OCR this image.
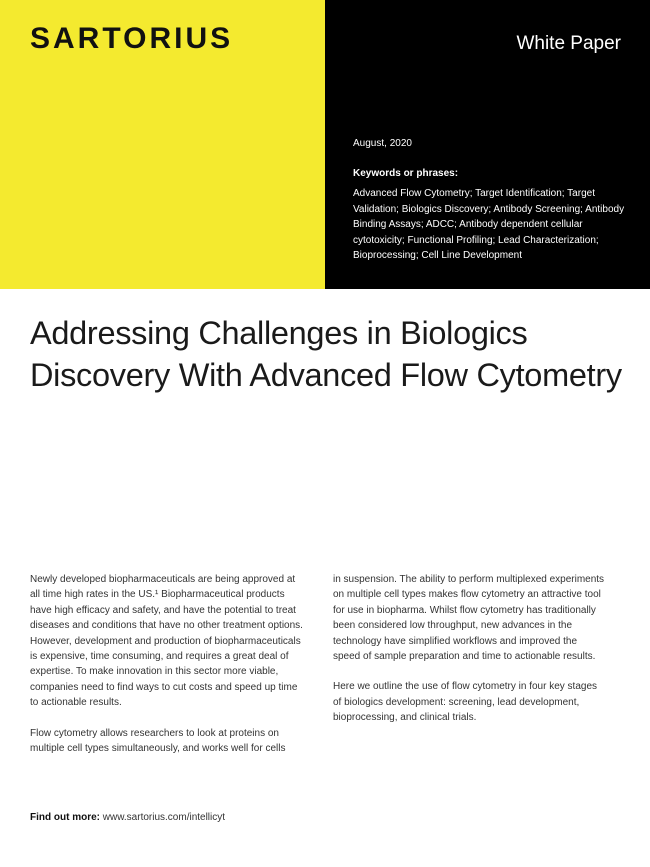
SARTORIUS	White Paper
August, 2020
Keywords or phrases:
Advanced Flow Cytometry; Target Identification; Target Validation; Biologics Discovery; Antibody Screening; Antibody Binding Assays; ADCC; Antibody dependent cellular cytotoxicity; Functional Profiling; Lead Characterization; Bioprocessing; Cell Line Development
Addressing Challenges in Biologics Discovery With Advanced Flow Cytometry

Newly developed biopharmaceuticals are being approved at all time high rates in the US.¹ Biopharmaceutical products have high efficacy and safety, and have the potential to treat diseases and conditions that have no other treatment options. However, development and production of biopharmaceuticals is expensive, time consuming, and requires a great deal of expertise. To make innovation in this sector more viable, companies need to find ways to cut costs and speed up time to actionable results.

Flow cytometry allows researchers to look at proteins on multiple cell types simultaneously, and works well for cells

in suspension. The ability to perform multiplexed experiments on multiple cell types makes flow cytometry an attractive tool for use in biopharma. Whilst flow cytometry has traditionally been considered low throughput, new advances in the technology have simplified workflows and improved the speed of sample preparation and time to actionable results.

Here we outline the use of flow cytometry in four key stages of biologics development: screening, lead development, bioprocessing, and clinical trials.

Find out more: www.sartorius.com/intellicyt
